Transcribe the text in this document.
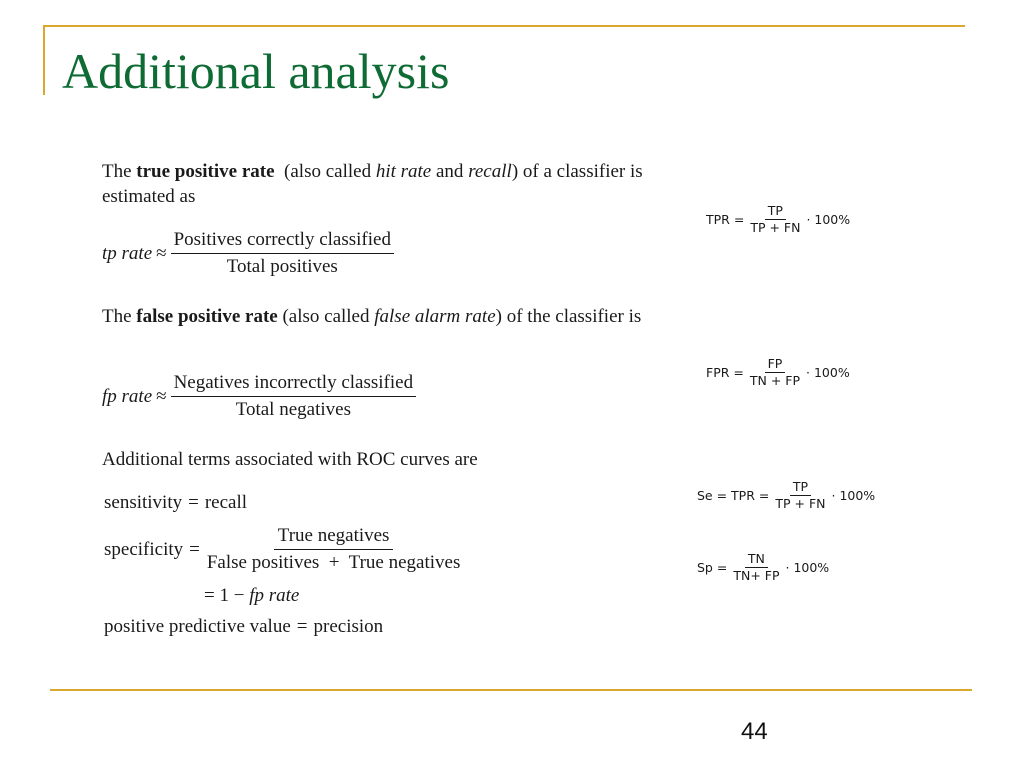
Additional analysis
The true positive rate  (also called hit rate and recall) of a classifier is estimated as
tp rate ≈ $\frac{\text{Positives correctly classified}}{\text{Total positives}}$
The false positive rate (also called false alarm rate) of the classifier is
fp rate ≈ $\frac{\text{Negatives incorrectly classified}}{\text{Total negatives}}$
Additional terms associated with ROC curves are
sensitivity = recall
specificity = $\frac{\text{True negatives}}{\text{False positives  +  True negatives}}$
= 1 − fp rate
positive predictive value = precision
TPR = $\frac{TP}{TP + FN} \cdot 100\%$
FPR = $\frac{FP}{TN + FP} \cdot 100\%$
Se = TPR = $\frac{TP}{TP + FN} \cdot 100\%$
$Sp = \frac{TN}{TN+ FP} \cdot 100\%$
44
